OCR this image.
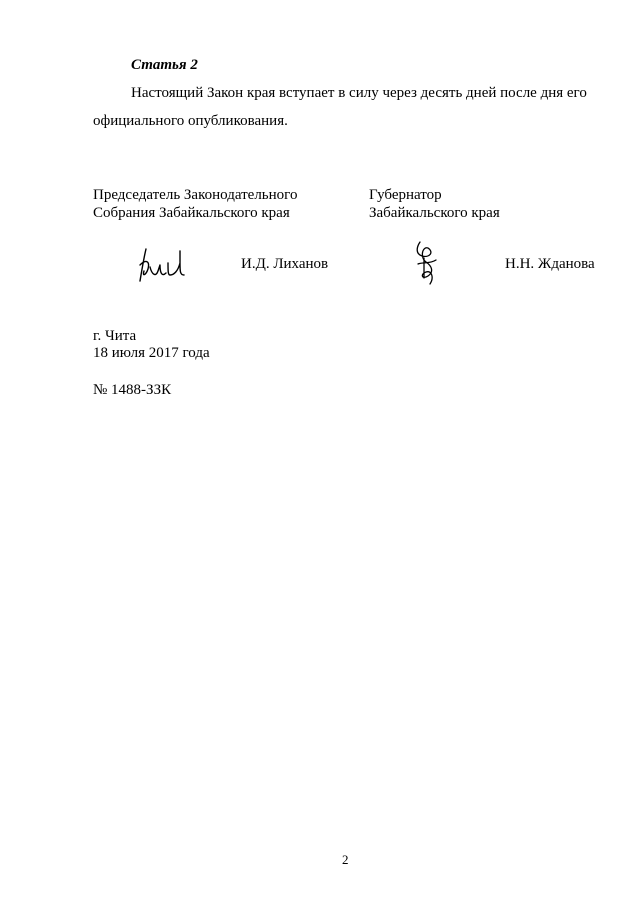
Статья 2
Настоящий Закон края вступает в силу через десять дней после дня его
официального опубликования.
Председатель Законодательного
Собрания Забайкальского края
И.Д. Лиханов
Губернатор
Забайкальского края
Н.Н. Жданова
г. Чита
18 июля 2017 года
№ 1488-ЗЗК
2
